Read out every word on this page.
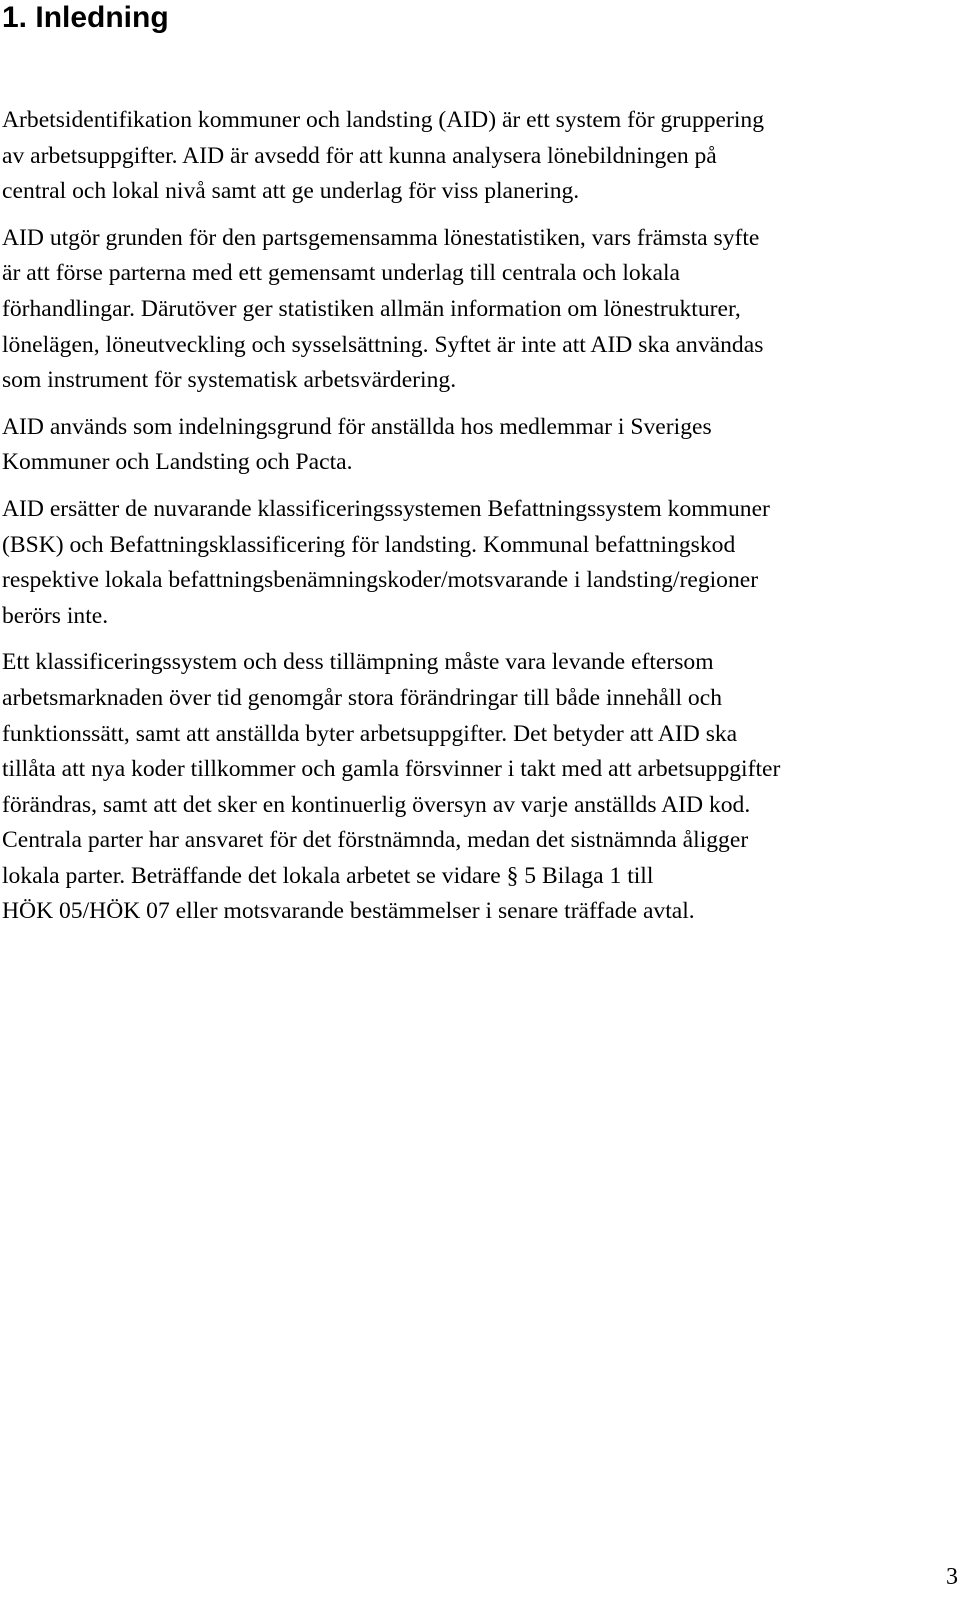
1. Inledning

Arbetsidentifikation kommuner och landsting (AID) är ett system för gruppering
av arbetsuppgifter. AID är avsedd för att kunna analysera lönebildningen på
central och lokal nivå samt att ge underlag för viss planering.

AID utgör grunden för den partsgemensamma lönestatistiken, vars främsta syfte
är att förse parterna med ett gemensamt underlag till centrala och lokala
förhandlingar. Därutöver ger statistiken allmän information om lönestrukturer,
lönelägen, löneutveckling och sysselsättning. Syftet är inte att AID ska användas
som instrument för systematisk arbetsvärdering.

AID används som indelningsgrund för anställda hos medlemmar i Sveriges
Kommuner och Landsting och Pacta.

AID ersätter de nuvarande klassificeringssystemen Befattningssystem kommuner
(BSK) och Befattningsklassificering för landsting. Kommunal befattningskod
respektive lokala befattningsbenämningskoder/motsvarande i landsting/regioner
berörs inte.

Ett klassificeringssystem och dess tillämpning måste vara levande eftersom
arbetsmarknaden över tid genomgår stora förändringar till både innehåll och
funktionssätt, samt att anställda byter arbetsuppgifter. Det betyder att AID ska
tillåta att nya koder tillkommer och gamla försvinner i takt med att arbetsuppgifter
förändras, samt att det sker en kontinuerlig översyn av varje anställds AID kod.
Centrala parter har ansvaret för det förstnämnda, medan det sistnämnda åligger
lokala parter. Beträffande det lokala arbetet se vidare § 5 Bilaga 1 till
HÖK 05/HÖK 07 eller motsvarande bestämmelser i senare träffade avtal.

3
